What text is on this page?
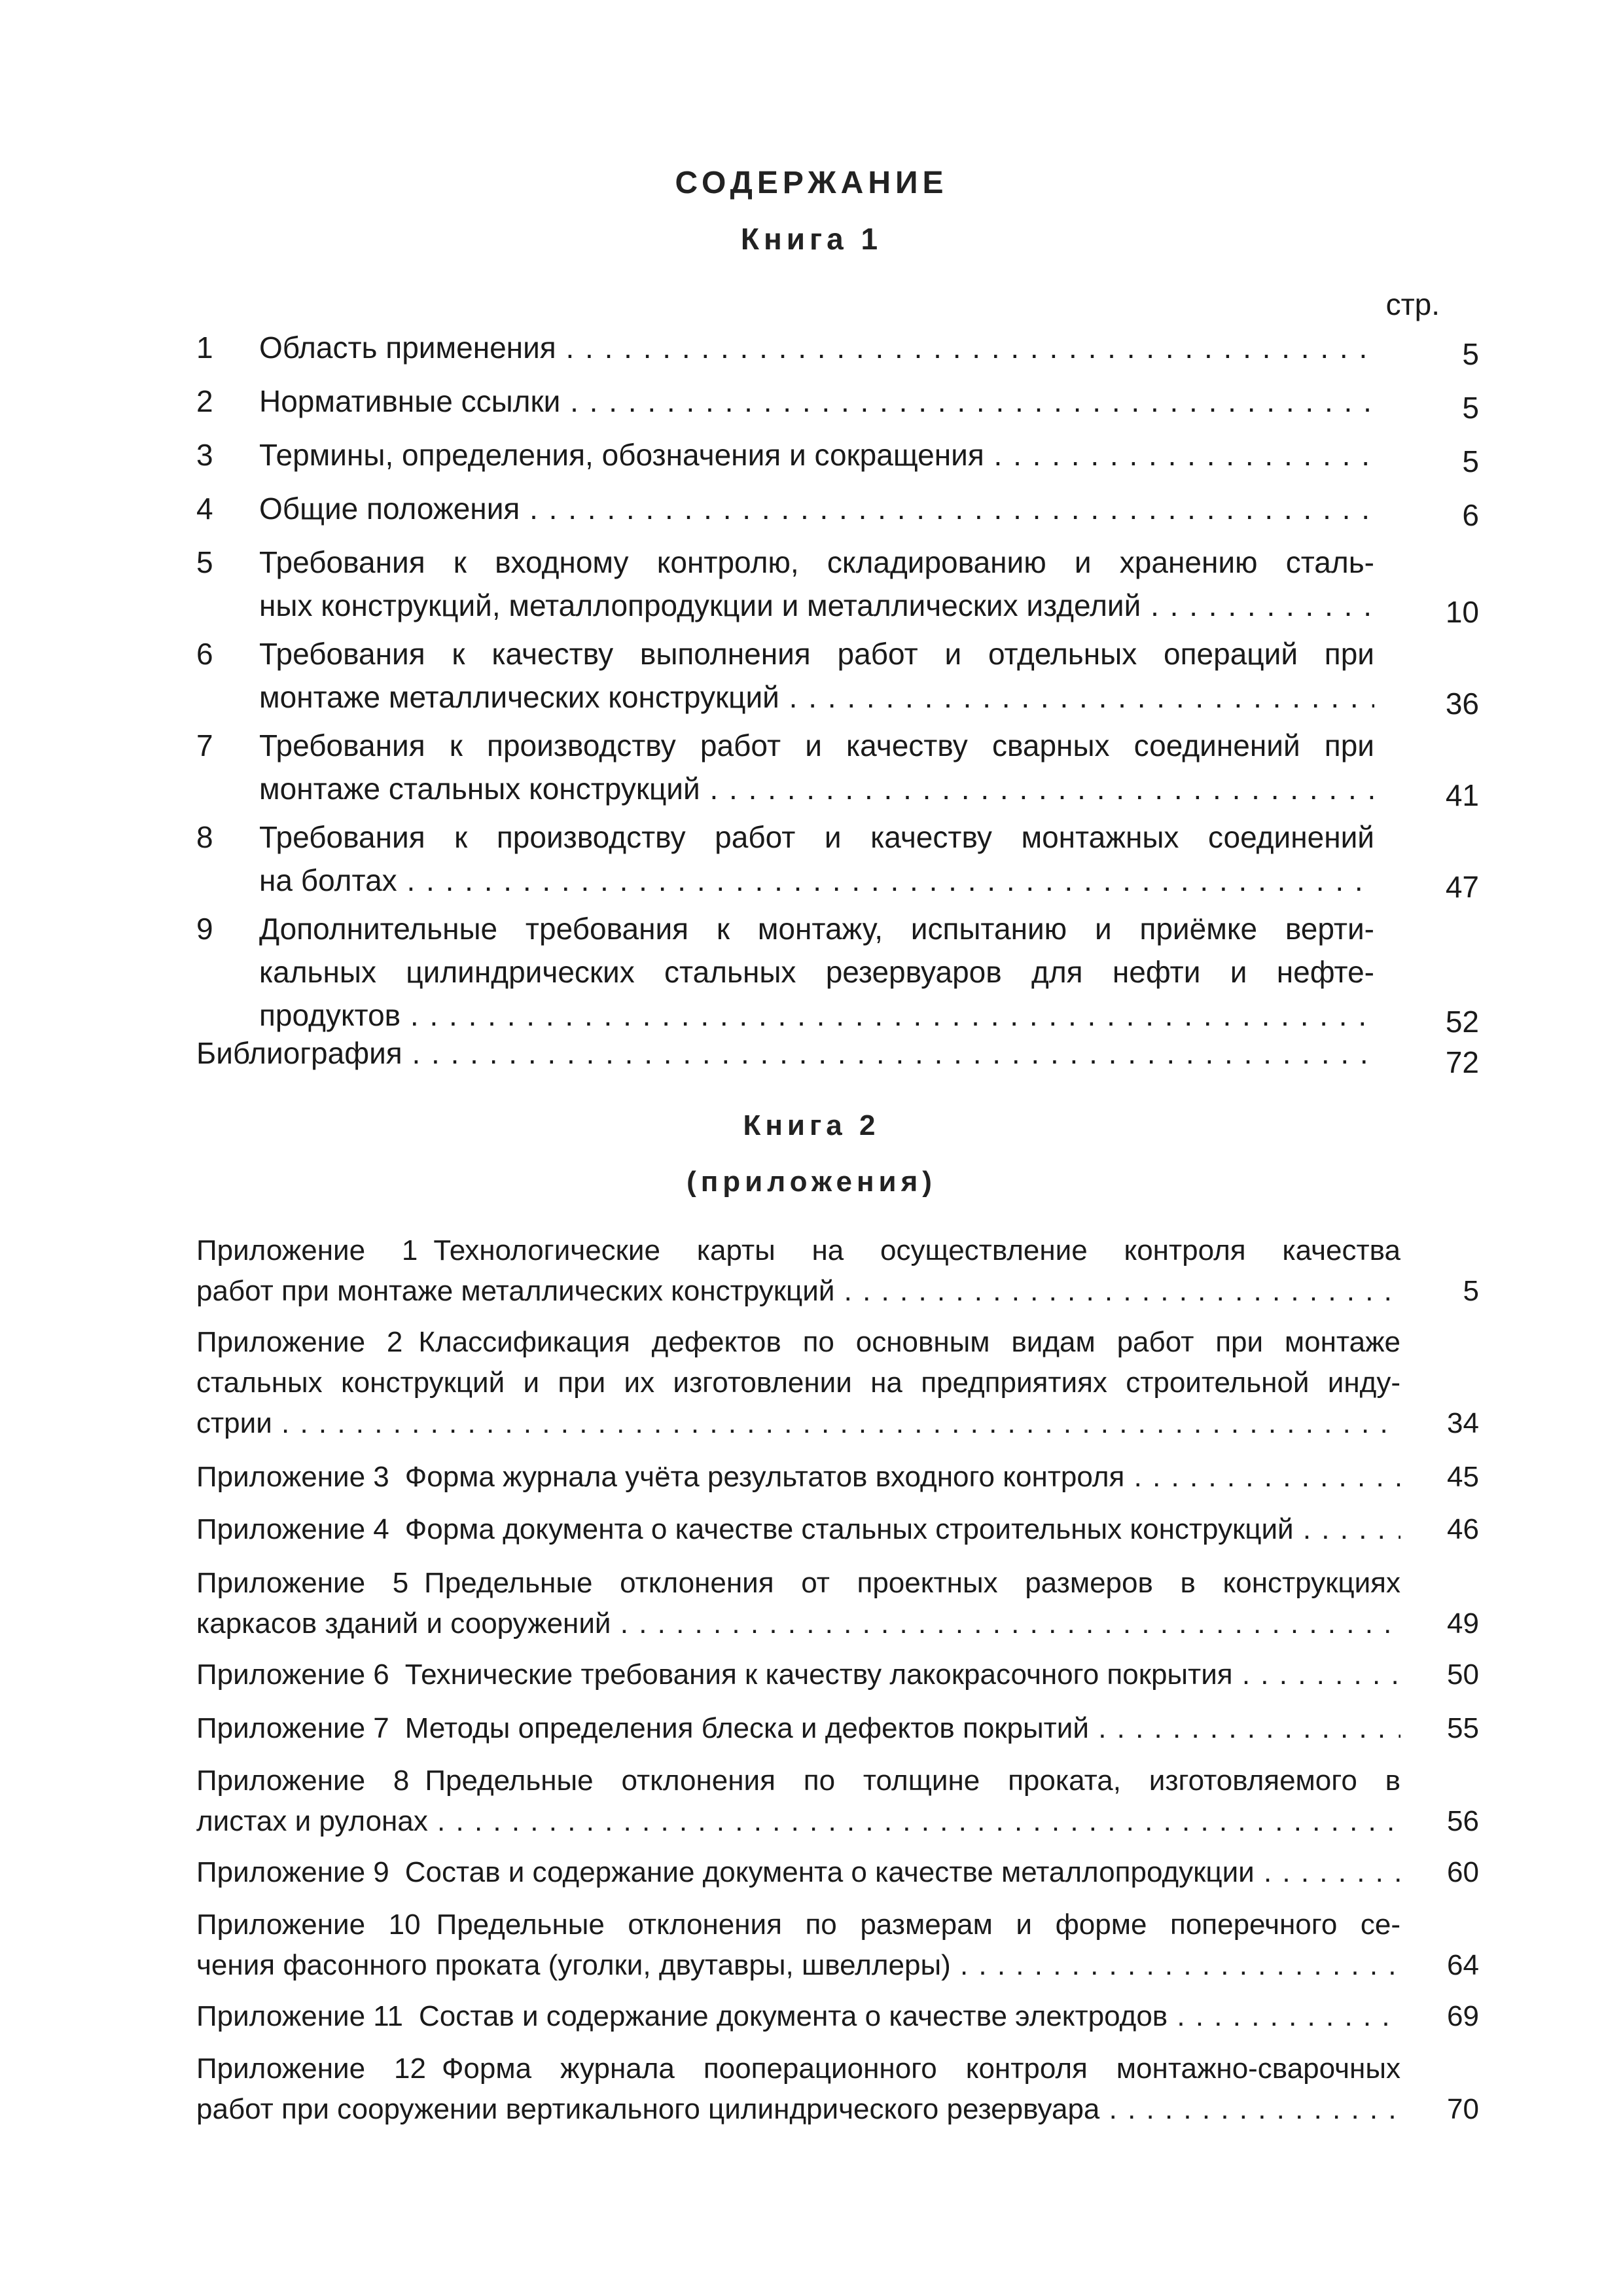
СОДЕРЖАНИЕ
Книга 1
стр.
1	Область применения . . .	5
2	Нормативные ссылки . . .	5
3	Термины, определения, обозначения и сокращения . . .	5
4	Общие положения . . .	6
5	Требования к входному контролю, складированию и хранению сталь-
ных конструкций, металлопродукции и металлических изделий . . .	10
6	Требования к качеству выполнения работ и отдельных операций при
монтаже металлических конструкций . . .	36
7	Требования к производству работ и качеству сварных соединений при
монтаже стальных конструкций . . .	41
8	Требования к производству работ и качеству монтажных соединений
на болтах . . .	47
9	Дополнительные требования к монтажу, испытанию и приёмке верти-
кальных цилиндрических стальных резервуаров для нефти и нефте-
продуктов . . .	52
Библиография . . .	72
Книга 2
(приложения)
Приложение 1 Технологические карты на осуществление контроля качества
работ при монтаже металлических конструкций . . .	5
Приложение 2 Классификация дефектов по основным видам работ при монтаже
стальных конструкций и при их изготовлении на предприятиях строительной инду-
стрии . . .	34
Приложение 3 Форма журнала учёта результатов входного контроля . . .	45
Приложение 4 Форма документа о качестве стальных строительных конструкций . . .	46
Приложение 5 Предельные отклонения от проектных размеров в конструкциях
каркасов зданий и сооружений . . .	49
Приложение 6 Технические требования к качеству лакокрасочного покрытия . . .	50
Приложение 7 Методы определения блеска и дефектов покрытий . . .	55
Приложение 8 Предельные отклонения по толщине проката, изготовляемого в
листах и рулонах . . .	56
Приложение 9 Состав и содержание документа о качестве металлопродукции . . .	60
Приложение 10 Предельные отклонения по размерам и форме поперечного се-
чения фасонного проката (уголки, двутавры, швеллеры) . . .	64
Приложение 11 Состав и содержание документа о качестве электродов . . .	69
Приложение 12 Форма журнала пооперационного контроля монтажно-сварочных
работ при сооружении вертикального цилиндрического резервуара . . .	70
